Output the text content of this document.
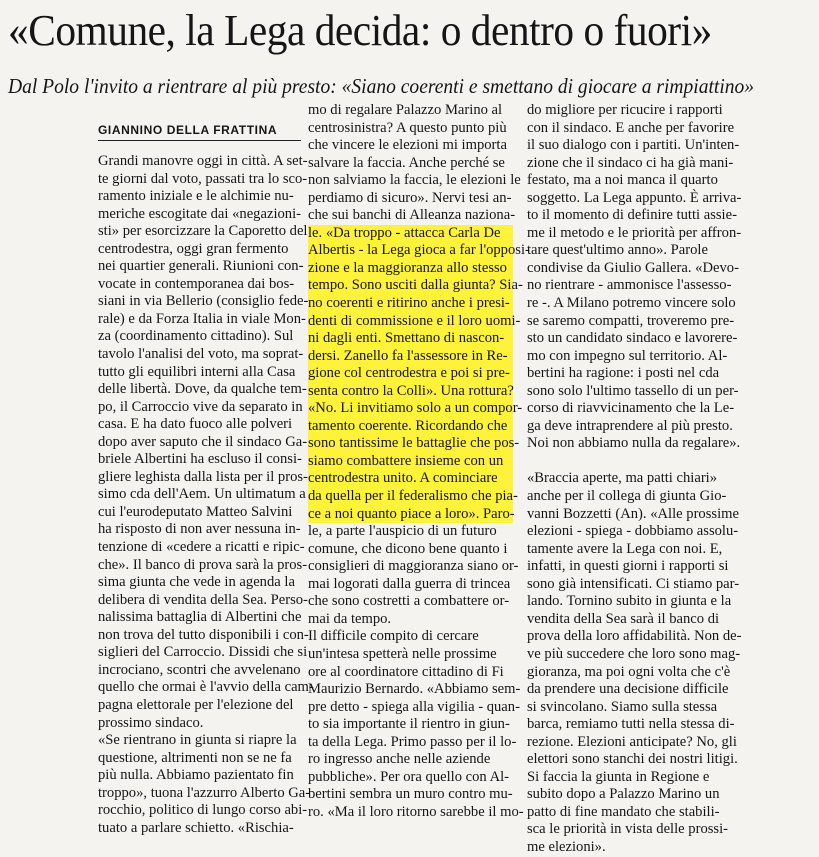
«Comune, la Lega decida: o dentro o fuori»
Dal Polo l'invito a rientrare al più presto: «Siano coerenti e smettano di giocare a rimpiattino»
GIANNINO DELLA FRATTINA
Grandi manovre oggi in città. A set-
te giorni dal voto, passati tra lo sco-
ramento iniziale e le alchimie nu-
meriche escogitate dai «negazioni-
sti» per esorcizzare la Caporetto del
centrodestra, oggi gran fermento
nei quartier generali. Riunioni con-
vocate in contemporanea dai bos-
siani in via Bellerio (consiglio fede-
rale) e da Forza Italia in viale Mon-
za (coordinamento cittadino). Sul
tavolo l'analisi del voto, ma soprat-
tutto gli equilibri interni alla Casa
delle libertà. Dove, da qualche tem-
po, il Carroccio vive da separato in
casa. E ha dato fuoco alle polveri
dopo aver saputo che il sindaco Ga-
briele Albertini ha escluso il consi-
gliere leghista dalla lista per il pros-
simo cda dell'Aem. Un ultimatum a
cui l'eurodeputato Matteo Salvini
ha risposto di non aver nessuna in-
tenzione di «cedere a ricatti e ripic-
che». Il banco di prova sarà la pros-
sima giunta che vede in agenda la
delibera di vendita della Sea. Perso-
nalissima battaglia di Albertini che
non trova del tutto disponibili i con-
siglieri del Carroccio. Dissidi che si
incrociano, scontri che avvelenano
quello che ormai è l'avvio della cam-
pagna elettorale per l'elezione del
prossimo sindaco.
«Se rientrano in giunta si riapre la
questione, altrimenti non se ne fa
più nulla. Abbiamo pazientato fin
troppo», tuona l'azzurro Alberto Ga-
rocchio, politico di lungo corso abi-
tuato a parlare schietto. «Rischia-
mo di regalare Palazzo Marino al
centrosinistra? A questo punto più
che vincere le elezioni mi importa
salvare la faccia. Anche perché se
non salviamo la faccia, le elezioni le
perdiamo di sicuro». Nervi tesi an-
che sui banchi di Alleanza naziona-
le. «Da troppo - attacca Carla De
Albertis - la Lega gioca a far l'opposi-
zione e la maggioranza allo stesso
tempo. Sono usciti dalla giunta? Sia-
no coerenti e ritirino anche i presi-
denti di commissione e il loro uomi-
ni dagli enti. Smettano di nascon-
dersi. Zanello fa l'assessore in Re-
gione col centrodestra e poi si pre-
senta contro la Colli». Una rottura?
«No. Li invitiamo solo a un compor-
tamento coerente. Ricordando che
sono tantissime le battaglie che pos-
siamo combattere insieme con un
centrodestra unito. A cominciare
da quella per il federalismo che pia-
ce a noi quanto piace a loro». Paro-
le, a parte l'auspicio di un futuro
comune, che dicono bene quanto i
consiglieri di maggioranza siano or-
mai logorati dalla guerra di trincea
che sono costretti a combattere or-
mai da tempo.
Il difficile compito di cercare
un'intesa spetterà nelle prossime
ore al coordinatore cittadino di Fi
Maurizio Bernardo. «Abbiamo sem-
pre detto - spiega alla vigilia - quan-
to sia importante il rientro in giun-
ta della Lega. Primo passo per il lo-
ro ingresso anche nelle aziende
pubbliche». Per ora quello con Al-
bertini sembra un muro contro mu-
ro. «Ma il loro ritorno sarebbe il mo-
do migliore per ricucire i rapporti
con il sindaco. E anche per favorire
il suo dialogo con i partiti. Un'inten-
zione che il sindaco ci ha già mani-
festato, ma a noi manca il quarto
soggetto. La Lega appunto. È arriva-
to il momento di definire tutti assie-
me il metodo e le priorità per affron-
tare quest'ultimo anno». Parole
condivise da Giulio Gallera. «Devo-
no rientrare - ammonisce l'assesso-
re -. A Milano potremo vincere solo
se saremo compatti, troveremo pre-
sto un candidato sindaco e lavorere-
mo con impegno sul territorio. Al-
bertini ha ragione: i posti nel cda
sono solo l'ultimo tassello di un per-
corso di riavvicinamento che la Le-
ga deve intraprendere al più presto.
Noi non abbiamo nulla da regalare».
«Braccia aperte, ma patti chiari»
anche per il collega di giunta Gio-
vanni Bozzetti (An). «Alle prossime
elezioni - spiega - dobbiamo assolu-
tamente avere la Lega con noi. E,
infatti, in questi giorni i rapporti si
sono già intensificati. Ci stiamo par-
lando. Tornino subito in giunta e la
vendita della Sea sarà il banco di
prova della loro affidabilità. Non de-
ve più succedere che loro sono mag-
gioranza, ma poi ogni volta che c'è
da prendere una decisione difficile
si svincolano. Siamo sulla stessa
barca, remiamo tutti nella stessa di-
rezione. Elezioni anticipate? No, gli
elettori sono stanchi dei nostri litigi.
Si faccia la giunta in Regione e
subito dopo a Palazzo Marino un
patto di fine mandato che stabili-
sca le priorità in vista delle prossi-
me elezioni».
